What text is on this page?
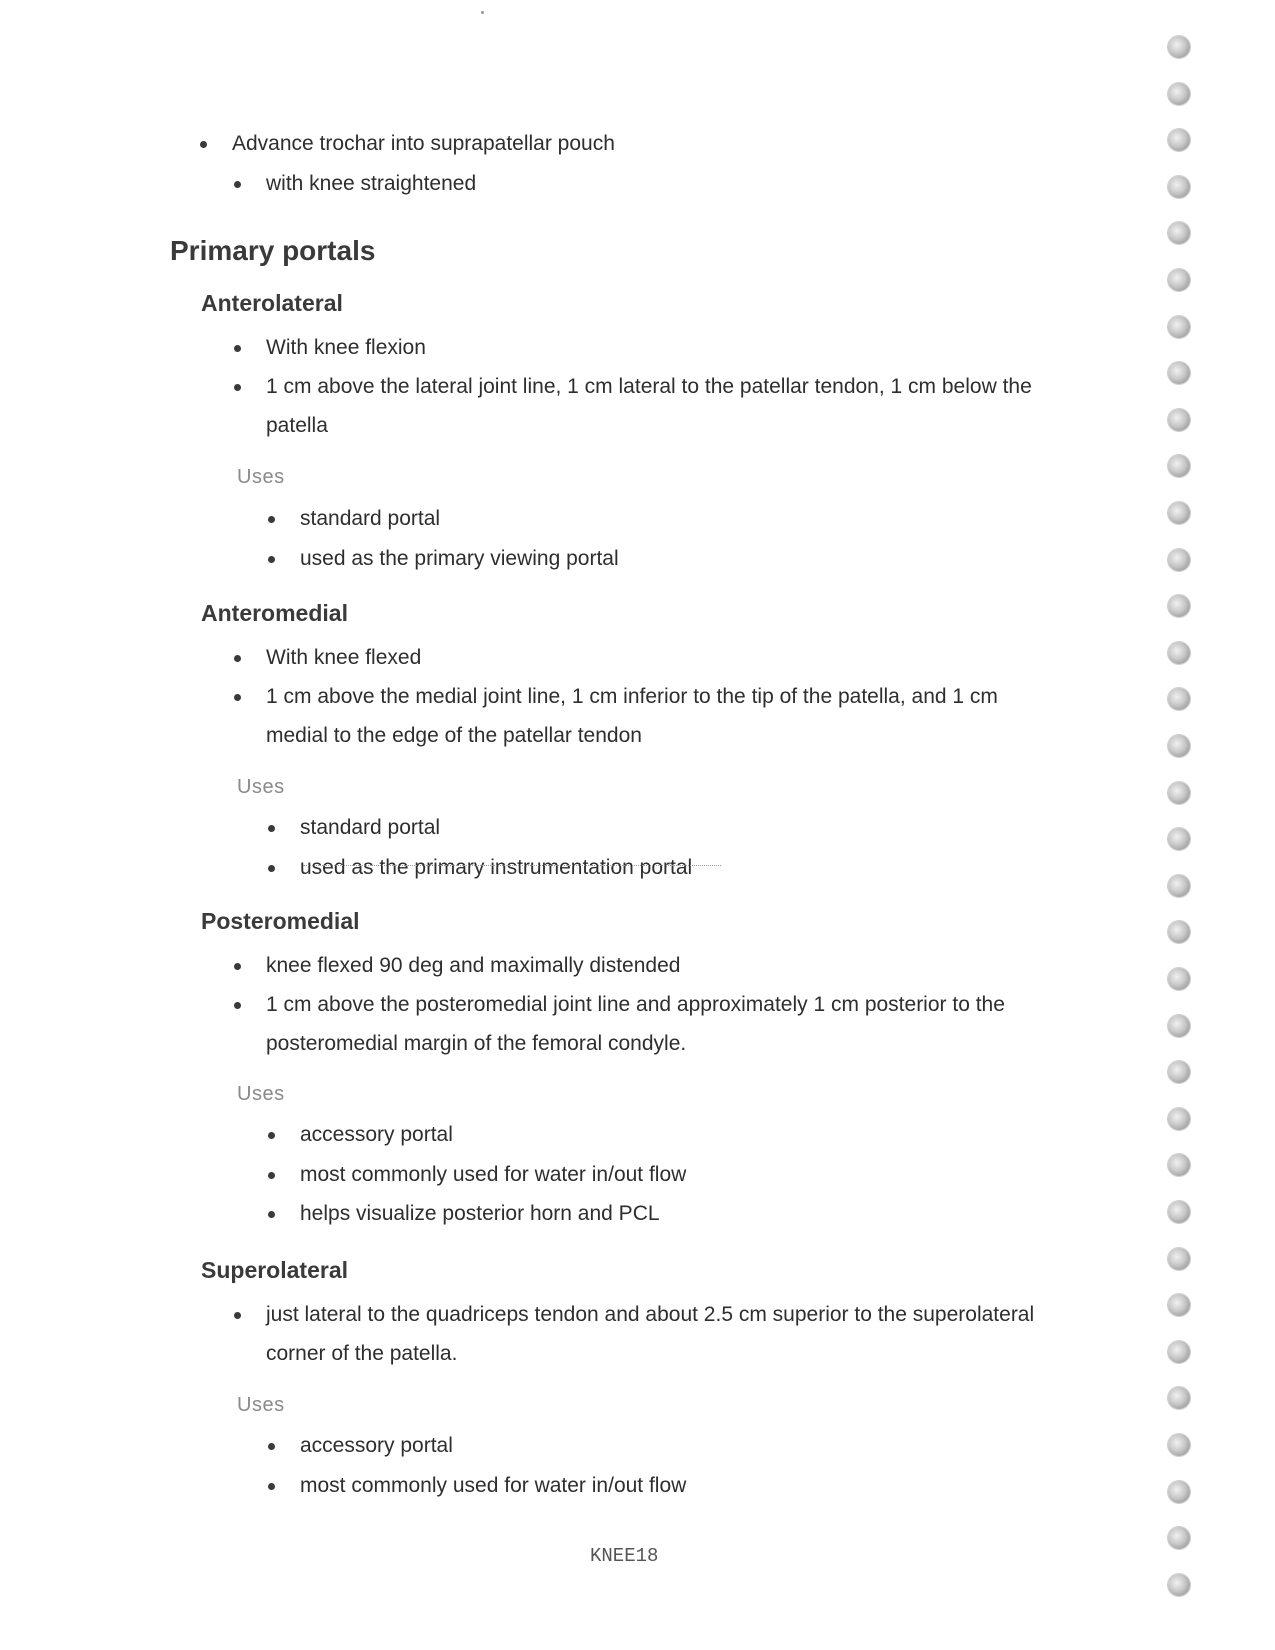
Advance trochar into suprapatellar pouch
with knee straightened
Primary portals
Anterolateral
With knee flexion
1 cm above the lateral joint line, 1 cm lateral to the patellar tendon, 1 cm below the
patella
Uses
standard portal
used as the primary viewing portal
Anteromedial
With knee flexed
1 cm above the medial joint line, 1 cm inferior to the tip of the patella, and 1 cm
medial to the edge of the patellar tendon
Uses
standard portal
used as the primary instrumentation portal
Posteromedial
knee flexed 90 deg and maximally distended
1 cm above the posteromedial joint line and approximately 1 cm posterior to the
posteromedial margin of the femoral condyle.
Uses
accessory portal
most commonly used for water in/out flow
helps visualize posterior horn and PCL
Superolateral
just lateral to the quadriceps tendon and about 2.5 cm superior to the superolateral
corner of the patella.
Uses
accessory portal
most commonly used for water in/out flow
KNEE18
